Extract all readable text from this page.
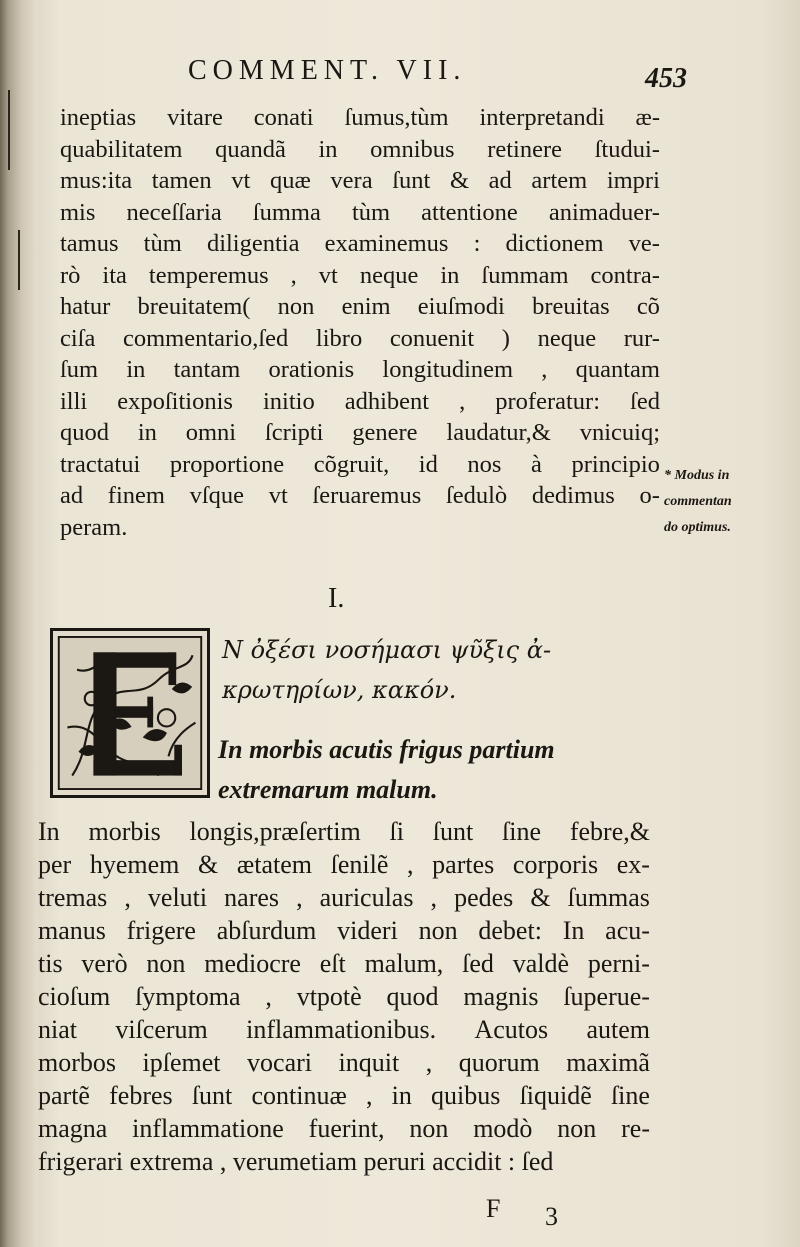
COMMENT. VII.	453
ineptias vitare conati ſumus,tùm interpretandi æ-
quabilitatem quandã in omnibus retinere ſtudui-
mus:ita tamen vt quæ vera ſunt & ad artem impri
mis neceſſaria ſumma tùm attentione animaduer-
tamus tùm diligentia examinemus : dictionem ve-
rò ita temperemus , vt neque in ſummam contra-
hatur breuitatem( non enim eiuſmodi breuitas cõ
ciſa commentario,ſed libro conuenit ) neque rur-
ſum in tantam orationis longitudinem , quantam
illi expoſitionis initio adhibent , proferatur: ſed
quod in omni ſcripti genere laudatur,& vnicuiq;
tractatui proportione cõgruit, id nos à principio
ad finem vſque vt ſeruaremus ſedulò dedimus o-
peram.
* Modus in
commentan
do optimus.
I.
N ὀξέσι νοσήμασι ψῦξις ἀ-
κρωτηρίων, κακόν.
In morbis acutis frigus partium
extremarum malum.
In morbis longis,præſertim ſi ſunt ſine febre,&
per hyemem & ætatem ſenilẽ , partes corporis ex-
tremas , veluti nares , auriculas , pedes & ſummas
manus frigere abſurdum videri non debet: In acu-
tis verò non mediocre eſt malum, ſed valdè perni-
cioſum ſymptoma , vtpotè quod magnis ſuperue-
niat viſcerum inflammationibus. Acutos autem
morbos ipſemet vocari inquit , quorum maximã
partẽ febres ſunt continuæ , in quibus ſiquidẽ ſine
magna inflammatione fuerint, non modò non re-
frigerari extrema , verumetiam peruri accidit : ſed
F 3
